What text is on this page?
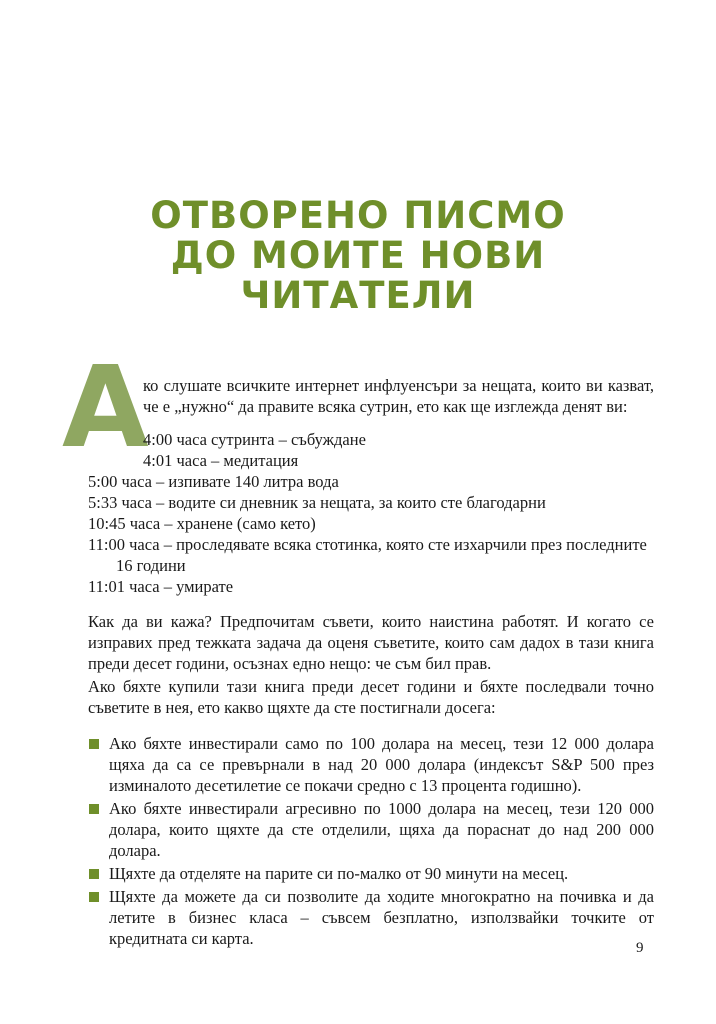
ОТВОРЕНО ПИСМО
ДО МОИТЕ НОВИ
ЧИТАТЕЛИ
А

ко слушате всичките интернет инфлуенсъри за нещата, които ви казват, че е „нужно“ да правите всяка сутрин, ето как ще изглежда денят ви:

4:00 часа сутринта – събуждане
4:01 часа – медитация
5:00 часа – изпивате 140 литра вода
5:33 часа – водите си дневник за нещата, за които сте благодарни
10:45 часа – хранене (само кето)
11:00 часа – проследявате всяка стотинка, която сте изхарчили през последните
16 години
11:01 часа – умирате

Как да ви кажа? Предпочитам съвети, които наистина работят. И когато се изправих пред тежката задача да оценя съветите, които сам дадох в тази книга преди десет години, осъзнах едно нещо: че съм бил прав.

Ако бяхте купили тази книга преди десет години и бяхте последвали точно съветите в нея, ето какво щяхте да сте постигнали досега:

Ако бяхте инвестирали само по 100 долара на месец, тези 12 000 долара щяха да са се превърнали в над 20 000 долара (индексът S&P 500 през изминалото десетилетие се покачи средно с 13 процента годишно).
Ако бяхте инвестирали агресивно по 1000 долара на месец, тези 120 000 долара, които щяхте да сте отделили, щяха да пораснат до над 200 000 долара.
Щяхте да отделяте на парите си по-малко от 90 минути на месец.
Щяхте да можете да си позволите да ходите многократно на почивка и да летите в бизнес класа – съвсем безплатно, използвайки точките от кредитната си карта.	9
